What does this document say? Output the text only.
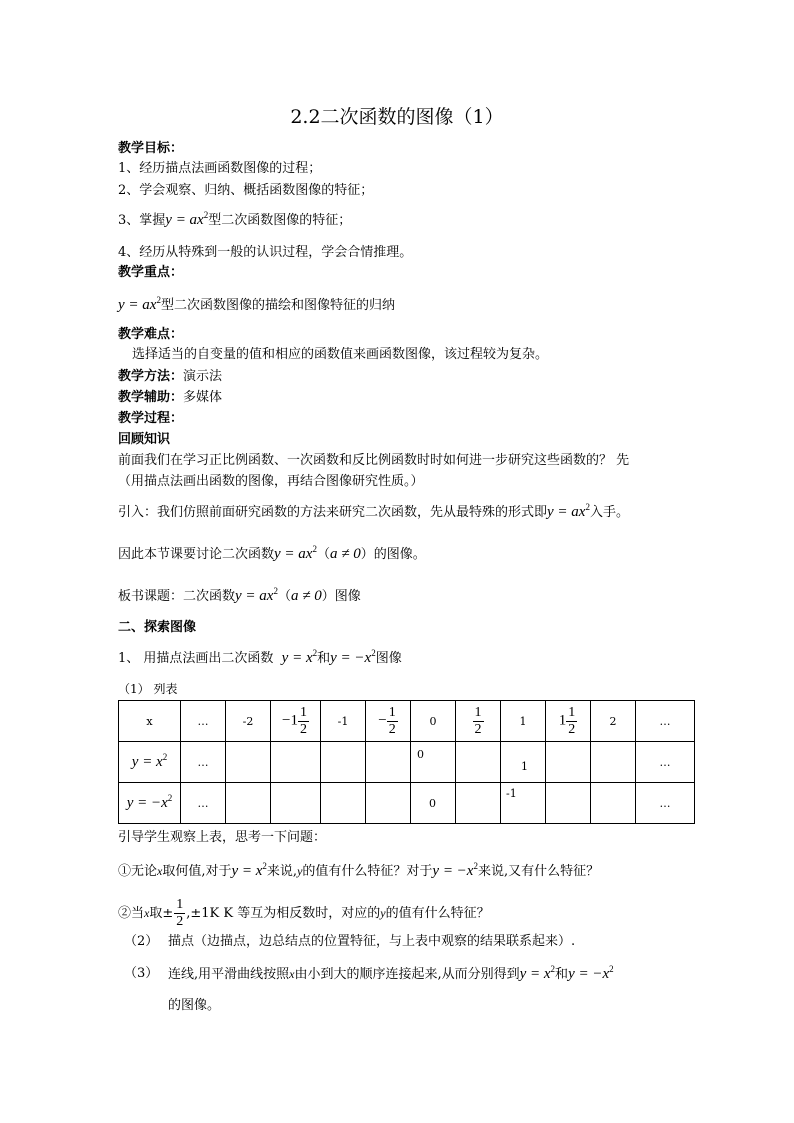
2.2二次函数的图像（1）
教学目标：
1、经历描点法画函数图像的过程；
2、学会观察、归纳、概括函数图像的特征；
3、掌握$y = ax^2$型二次函数图像的特征；
4、经历从特殊到一般的认识过程，学会合情推理。
教学重点：
$y = ax^2$型二次函数图像的描绘和图像特征的归纳
教学难点：
选择适当的自变量的值和相应的函数值来画函数图像，该过程较为复杂。
教学方法：演示法
教学辅助：多媒体
教学过程：
回顾知识
前面我们在学习正比例函数、一次函数和反比例函数时时如何进一步研究这些函数的？ 先
（用描点法画出函数的图像，再结合图像研究性质。）
引入：我们仿照前面研究函数的方法来研究二次函数，先从最特殊的形式即$y = ax^2$入手。
因此本节课要讨论二次函数$y = ax^2(a \ne 0)$的图像。
板书课题：二次函数$y = ax^2(a \ne 0)$图像
二、探索图像
1、 用描点法画出二次函数 $y = x^2$和$y = -x^2$图像
（1） 列表
x	…	-2	$-1 \frac{1}{2}$	-1	− $\frac{1}{2}$	0	$\frac{1}{2}$	1	$1 \frac{1}{2}$	2	…
$y = x^2$	…					0		1			…
$y = -x^2$	…					0		-1			…
引导学生观察上表，思考一下问题：
①无论x取何值,对于$y = x^2$来说,y的值有什么特征？对于$y = -x^2$来说,又有什么特征？
②当x取± $\frac{1}{2} ,\pm 1K$ K 等互为相反数时，对应的y的值有什么特征？
（2） 描点（边描点，边总结点的位置特征，与上表中观察的结果联系起来）.
（3） 连线,用平滑曲线按照x由小到大的顺序连接起来,从而分别得到$y = x^2$和$y = -x^2$
的图像。
